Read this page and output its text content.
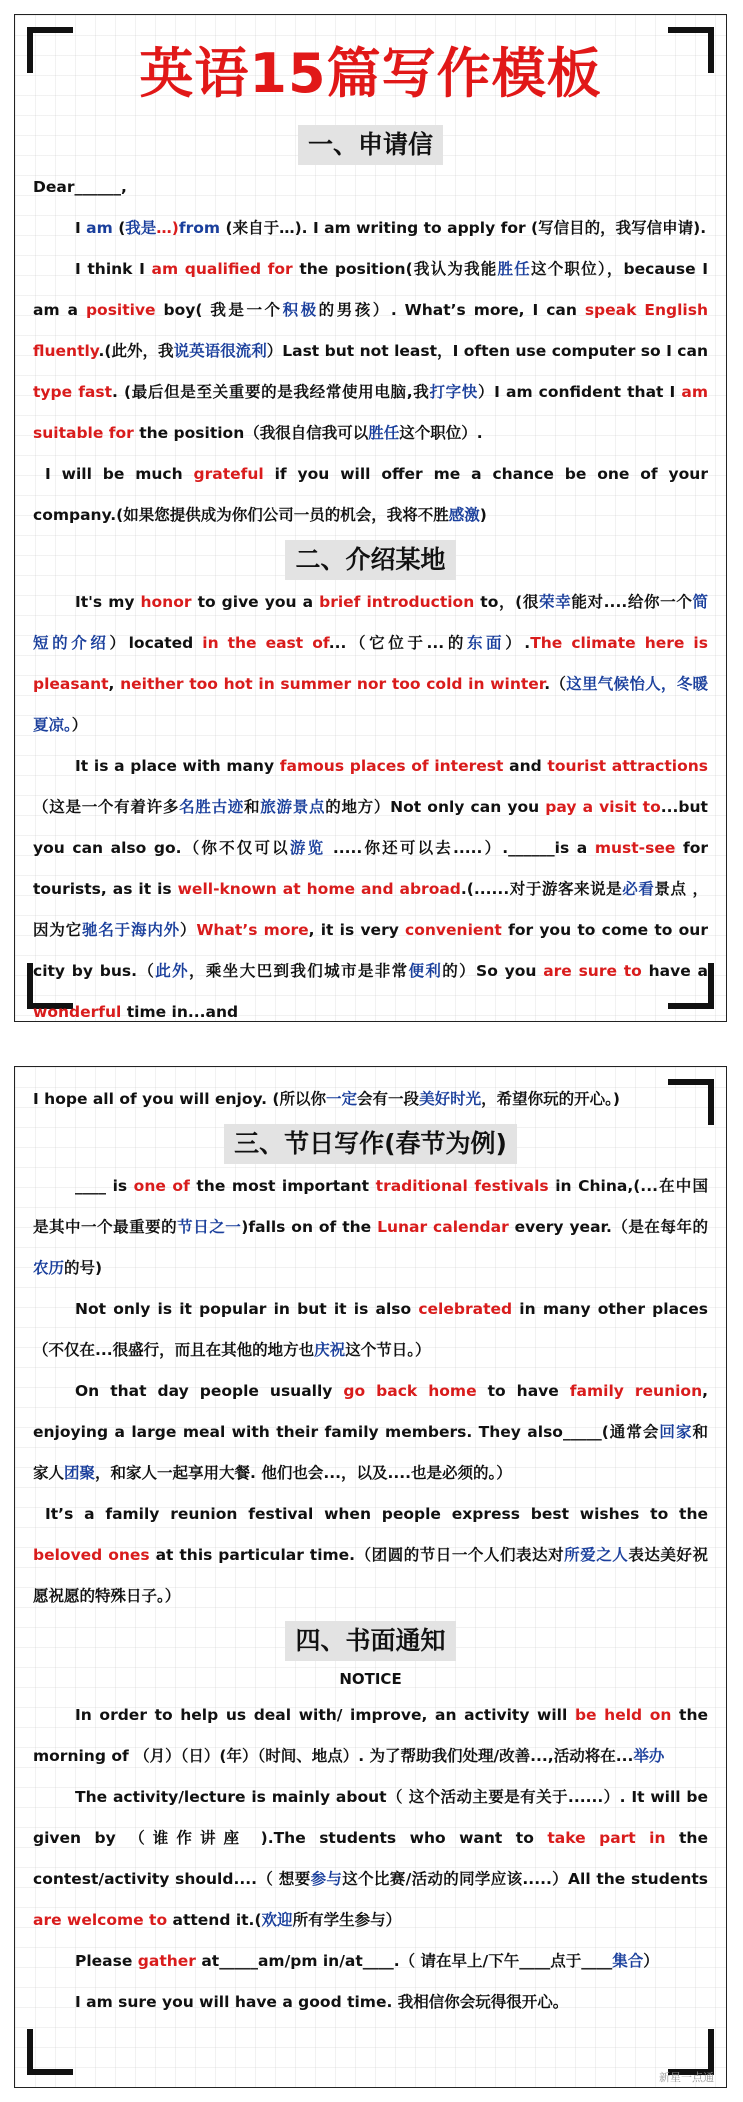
英语15篇写作模板
一、申请信

Dear______,

I am (我是…)from (来自于…). I am writing to apply for (写信目的，我写信申请).

I think I am qualified for the position(我认为我能胜任这个职位），because I am a positive boy( 我是一个积极的男孩）. What’s more, I can speak English fluently.(此外，我说英语很流利）Last but not least，I often use computer so I can type fast. (最后但是至关重要的是我经常使用电脑,我打字快）I am confident that I am suitable for the position（我很自信我可以胜任这个职位）.

I will be much grateful if you will offer me a chance be one of your company.(如果您提供成为你们公司一员的机会，我将不胜感激)

二、介绍某地

It's my honor to give you a brief introduction to，(很荣幸能对....给你一个简短的介绍）located in the east of...（它位于...的东面）.The climate here is pleasant, neither too hot in summer nor too cold in winter.（这里气候怡人，冬暖夏凉。）

It is a place with many famous places of interest and tourist attractions（这是一个有着许多名胜古迹和旅游景点的地方）Not only can you pay a visit to...but you can also go.（你不仅可以游览 .....你还可以去.....）.______is a must-see for tourists, as it is well-known at home and abroad.(......对于游客来说是必看景点 ，因为它驰名于海内外）What’s more, it is very convenient for you to come to our city by bus.（此外，乘坐大巴到我们城市是非常便利的）So you are sure to have a wonderful time in...and

I hope all of you will enjoy. (所以你一定会有一段美好时光，希望你玩的开心。)

三、节日写作(春节为例)

____ is one of the most important traditional festivals in China,(...在中国是其中一个最重要的节日之一)falls on of the Lunar calendar every year.（是在每年的农历的号)

Not only is it popular in but it is also celebrated in many other places（不仅在...很盛行，而且在其他的地方也庆祝这个节日。）

On that day people usually go back home to have family reunion, enjoying a large meal with their family members. They also_____(通常会回家和家人团聚，和家人一起享用大餐. 他们也会...，以及....也是必须的。）

It’s a family reunion festival when people express best wishes to the beloved ones at this particular time.（团圆的节日一个人们表达对所爱之人表达美好祝愿祝愿的特殊日子。）

四、书面通知
NOTICE

In order to help us deal with/ improve, an activity will be held on the morning of （月）（日）(年）（时间、地点）. 为了帮助我们处理/改善...,活动将在...举办

The activity/lecture is mainly about（ 这个活动主要是有关于......）. It will be given by （谁作讲座 ).The students who want to take part in the contest/activity should....（ 想要参与这个比赛/活动的同学应该.....）All the students are welcome to attend it.(欢迎所有学生参与）

Please gather at_____am/pm in/at____.（ 请在早上/下午____点于____集合）

I am sure you will have a good time. 我相信你会玩得很开心。

新星一点通
